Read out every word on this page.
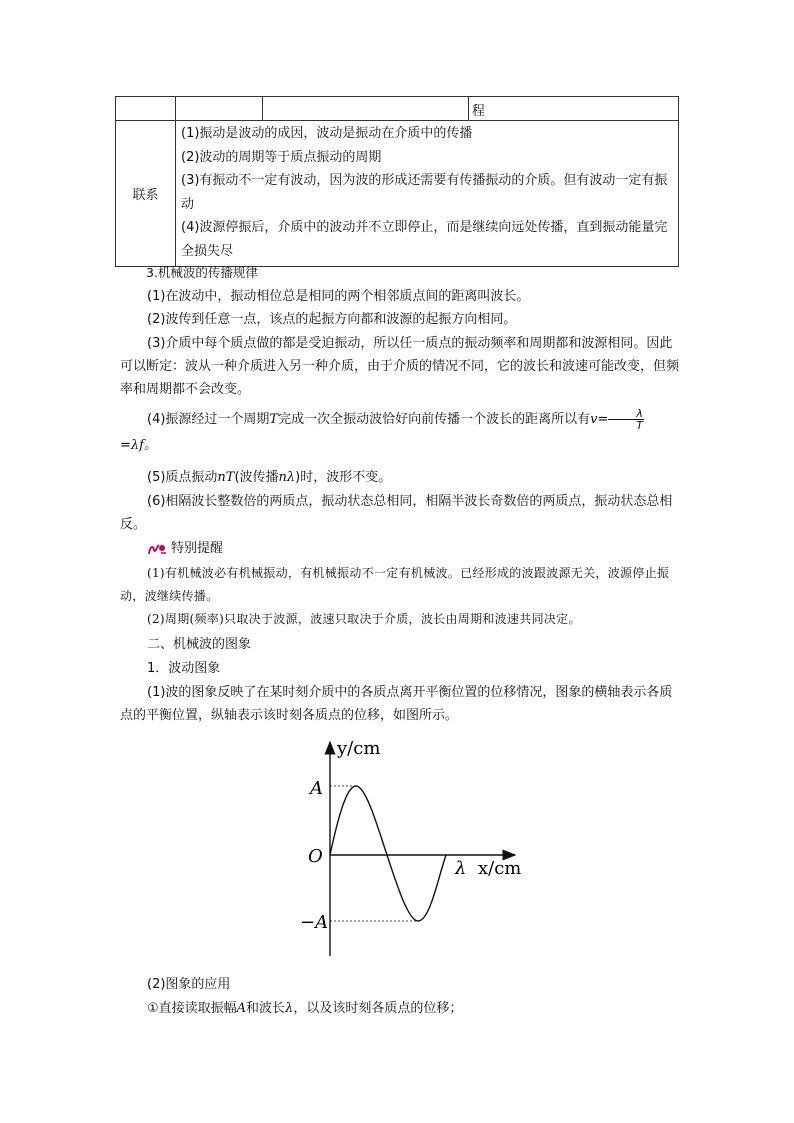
			程
联系	(1)振动是波动的成因，波动是振动在介质中的传播

(2)波动的周期等于质点振动的周期

(3)有振动不一定有波动，因为波的形成还需要有传播振动的介质。但有波动一定有振动

(4)波源停振后，介质中的波动并不立即停止，而是继续向远处传播，直到振动能量完全损失尽		

3.机械波的传播规律
(1)在波动中，振动相位总是相同的两个相邻质点间的距离叫波长。
(2)波传到任意一点，该点的起振方向都和波源的起振方向相同。
(3)介质中每个质点做的都是受迫振动，所以任一质点的振动频率和周期都和波源相同。因此可以断定：波从一种介质进入另一种介质，由于介质的情况不同，它的波长和波速可能改变，但频率和周期都不会改变。
(4)振源经过一个周期T完成一次全振动波恰好向前传播一个波长的距离所以有$v= \frac{\lambda}{T}$
=λf。
(5)质点振动nT(波传播nλ)时，波形不变。
(6)相隔波长整数倍的两质点，振动状态总相同，相隔半波长奇数倍的两质点，振动状态总相反。
特别提醒
(1)有机械波必有机械振动，有机械振动不一定有机械波。已经形成的波跟波源无关，波源停止振动，波继续传播。
(2)周期(频率)只取决于波源，波速只取决于介质，波长由周期和波速共同决定。
二、机械波的图象
1．波动图象
(1)波的图象反映了在某时刻介质中的各质点离开平衡位置的位移情况，图象的横轴表示各质点的平衡位置，纵轴表示该时刻各质点的位移，如图所示。
y/cm
x/cm
O
A
−A
λ
(2)图象的应用
①直接读取振幅A和波长λ，以及该时刻各质点的位移；
